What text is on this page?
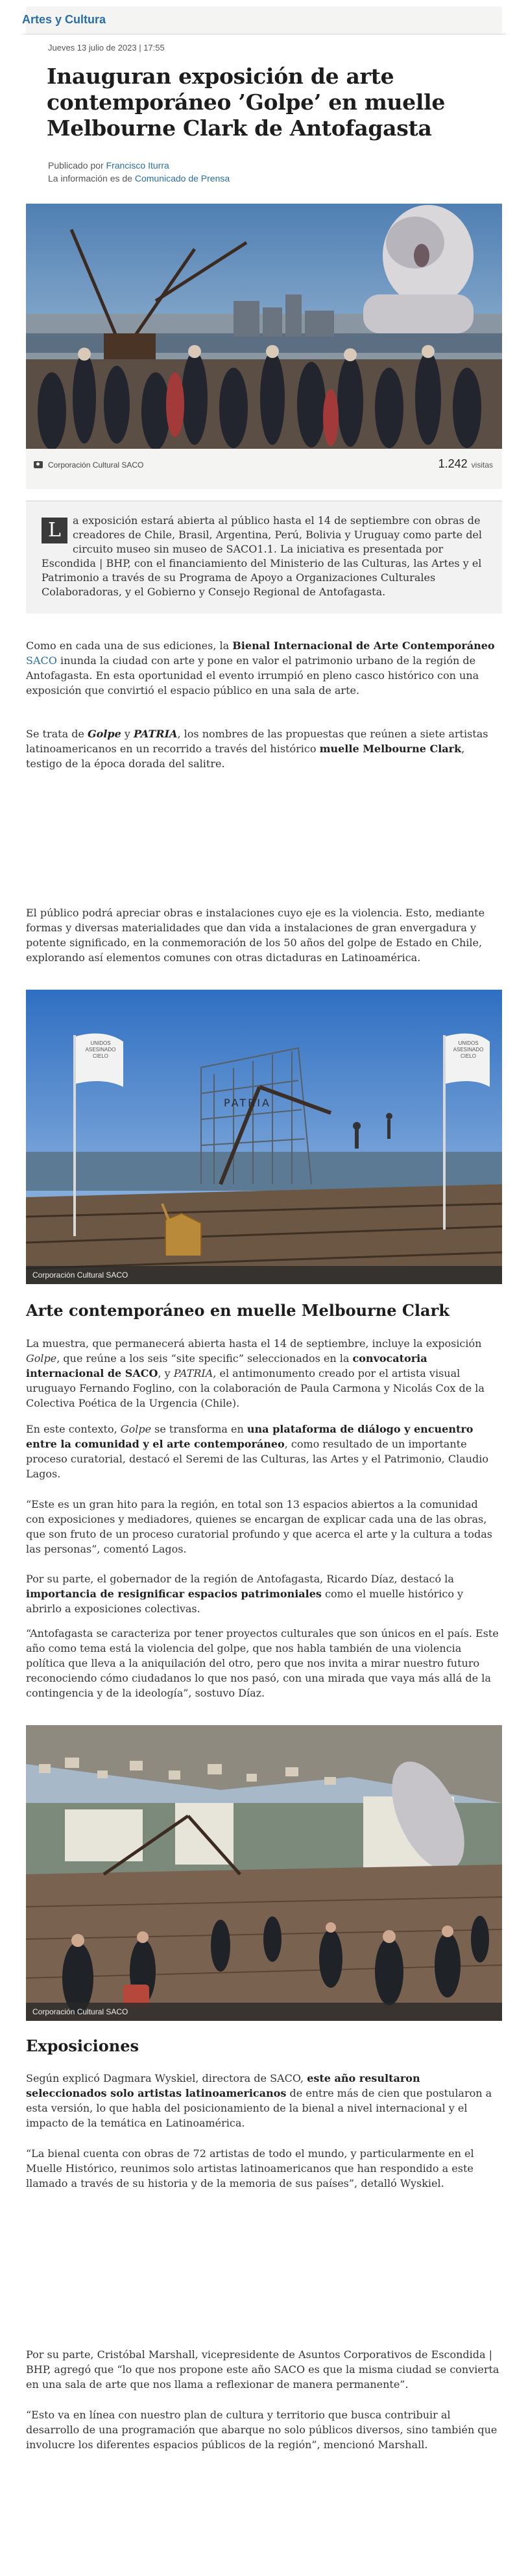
Artes y Cultura
Jueves 13 julio de 2023 | 17:55
Inauguran exposición de arte contemporáneo ’Golpe’ en muelle Melbourne Clark de Antofagasta
Publicado por Francisco Iturra
La información es de Comunicado de Prensa
Corporación Cultural SACO	1.242 visitas

L	a exposición estará abierta al público hasta el 14 de septiembre con obras de creadores de Chile, Brasil, Argentina, Perú, Bolivia y Uruguay como parte del circuito museo sin museo de SACO1.1. La iniciativa es presentada por Escondida | BHP, con el financiamiento del Ministerio de las Culturas, las Artes y el Patrimonio a través de su Programa de Apoyo a Organizaciones Culturales Colaboradoras, y el Gobierno y Consejo Regional de Antofagasta.

Como en cada una de sus ediciones, la Bienal Internacional de Arte Contemporáneo SACO inunda la ciudad con arte y pone en valor el patrimonio urbano de la región de Antofagasta. En esta oportunidad el evento irrumpió en pleno casco histórico con una exposición que convirtió el espacio público en una sala de arte.

Se trata de Golpe y PATRIA, los nombres de las propuestas que reúnen a siete artistas latinoamericanos en un recorrido a través del histórico muelle Melbourne Clark, testigo de la época dorada del salitre.

El público podrá apreciar obras e instalaciones cuyo eje es la violencia. Esto, mediante formas y diversas materialidades que dan vida a instalaciones de gran envergadura y potente significado, en la conmemoración de los 50 años del golpe de Estado en Chile, explorando así elementos comunes con otras dictaduras en Latinoamérica.

PATRIA
UNIDOS
ASESINADO
CIELO
UNIDOS
ASESINADO
CIELO
Corporación Cultural SACO
Arte contemporáneo en muelle Melbourne Clark

La muestra, que permanecerá abierta hasta el 14 de septiembre, incluye la exposición Golpe, que reúne a los seis “site specific” seleccionados en la convocatoria internacional de SACO, y PATRIA, el antimonumento creado por el artista visual uruguayo Fernando Foglino, con la colaboración de Paula Carmona y Nicolás Cox de la Colectiva Poética de la Urgencia (Chile).

En este contexto, Golpe se transforma en una plataforma de diálogo y encuentro entre la comunidad y el arte contemporáneo, como resultado de un importante proceso curatorial, destacó el Seremi de las Culturas, las Artes y el Patrimonio, Claudio Lagos.

“Este es un gran hito para la región, en total son 13 espacios abiertos a la comunidad con exposiciones y mediadores, quienes se encargan de explicar cada una de las obras, que son fruto de un proceso curatorial profundo y que acerca el arte y la cultura a todas las personas”, comentó Lagos.

Por su parte, el gobernador de la región de Antofagasta, Ricardo Díaz, destacó la importancia de resignificar espacios patrimoniales como el muelle histórico y abrirlo a exposiciones colectivas.

“Antofagasta se caracteriza por tener proyectos culturales que son únicos en el país. Este año como tema está la violencia del golpe, que nos habla también de una violencia política que lleva a la aniquilación del otro, pero que nos invita a mirar nuestro futuro reconociendo cómo ciudadanos lo que nos pasó, con una mirada que vaya más allá de la contingencia y de la ideología”, sostuvo Díaz.

Corporación Cultural SACO
Exposiciones

Según explicó Dagmara Wyskiel, directora de SACO, este año resultaron seleccionados solo artistas latinoamericanos de entre más de cien que postularon a esta versión, lo que habla del posicionamiento de la bienal a nivel internacional y el impacto de la temática en Latinoamérica.

“La bienal cuenta con obras de 72 artistas de todo el mundo, y particularmente en el Muelle Histórico, reunimos solo artistas latinoamericanos que han respondido a este llamado a través de su historia y de la memoria de sus países”, detalló Wyskiel.

Por su parte, Cristóbal Marshall, vicepresidente de Asuntos Corporativos de Escondida | BHP, agregó que “lo que nos propone este año SACO es que la misma ciudad se convierta en una sala de arte que nos llama a reflexionar de manera permanente”.

“Esto va en línea con nuestro plan de cultura y territorio que busca contribuir al desarrollo de una programación que abarque no solo públicos diversos, sino también que involucre los diferentes espacios públicos de la región”, mencionó Marshall.
